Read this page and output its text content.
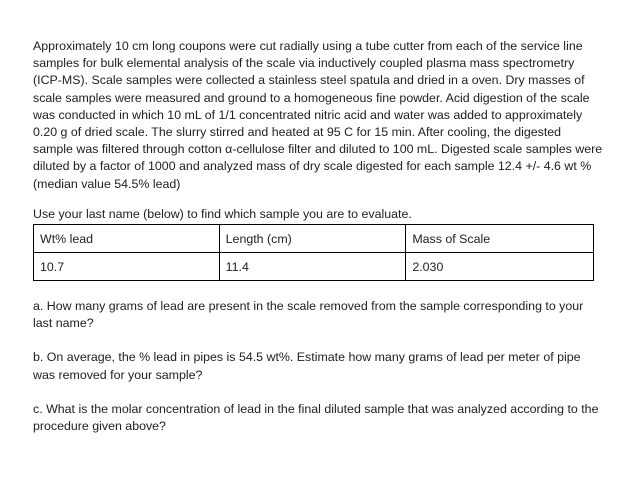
Approximately 10 cm long coupons were cut radially using a tube cutter from each of the service line samples for bulk elemental analysis of the scale via inductively coupled plasma mass spectrometry (ICP-MS). Scale samples were collected a stainless steel spatula and dried in a oven. Dry masses of scale samples were measured and ground to a homogeneous fine powder. Acid digestion of the scale was conducted in which 10 mL of 1/1 concentrated nitric acid and water was added to approximately 0.20 g of dried scale. The slurry stirred and heated at 95 C for 15 min. After cooling, the digested sample was filtered through cotton α-cellulose filter and diluted to 100 mL. Digested scale samples were diluted by a factor of 1000 and analyzed mass of dry scale digested for each sample 12.4 +/- 4.6 wt % (median value 54.5% lead)

Use your last name (below) to find which sample you are to evaluate.

Wt% lead	Length (cm)	Mass of Scale
10.7	11.4	2.030

a. How many grams of lead are present in the scale removed from the sample corresponding to your last name?

b. On average, the % lead in pipes is 54.5 wt%. Estimate how many grams of lead per meter of pipe was removed for your sample?

c. What is the molar concentration of lead in the final diluted sample that was analyzed according to the procedure given above?
